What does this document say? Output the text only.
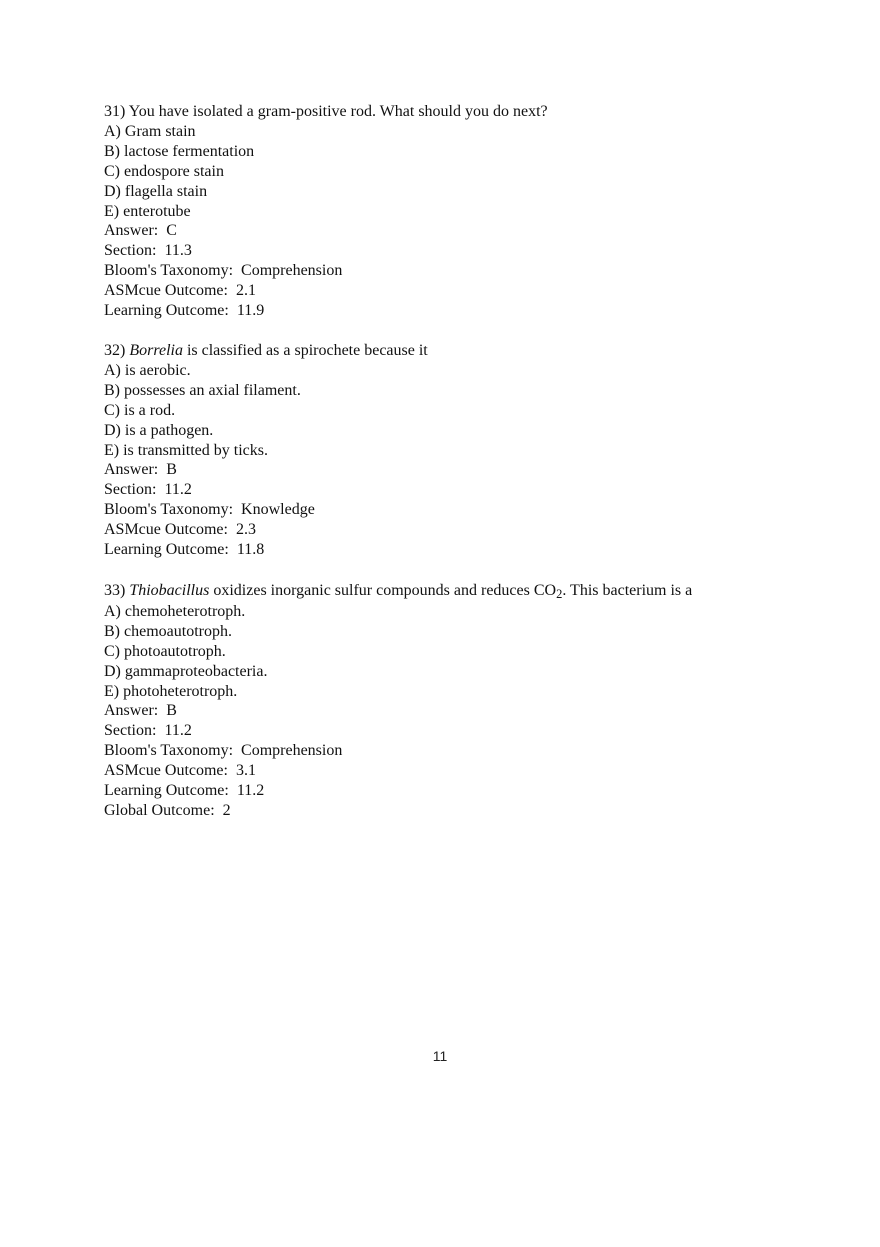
31) You have isolated a gram-positive rod. What should you do next?
A) Gram stain
B) lactose fermentation
C) endospore stain
D) flagella stain
E) enterotube
Answer:  C
Section:  11.3
Bloom's Taxonomy:  Comprehension
ASMcue Outcome:  2.1
Learning Outcome:  11.9
32) Borrelia is classified as a spirochete because it
A) is aerobic.
B) possesses an axial filament.
C) is a rod.
D) is a pathogen.
E) is transmitted by ticks.
Answer:  B
Section:  11.2
Bloom's Taxonomy:  Knowledge
ASMcue Outcome:  2.3
Learning Outcome:  11.8
33) Thiobacillus oxidizes inorganic sulfur compounds and reduces CO2. This bacterium is a
A) chemoheterotroph.
B) chemoautotroph.
C) photoautotroph.
D) gammaproteobacteria.
E) photoheterotroph.
Answer:  B
Section:  11.2
Bloom's Taxonomy:  Comprehension
ASMcue Outcome:  3.1
Learning Outcome:  11.2
Global Outcome:  2
11
